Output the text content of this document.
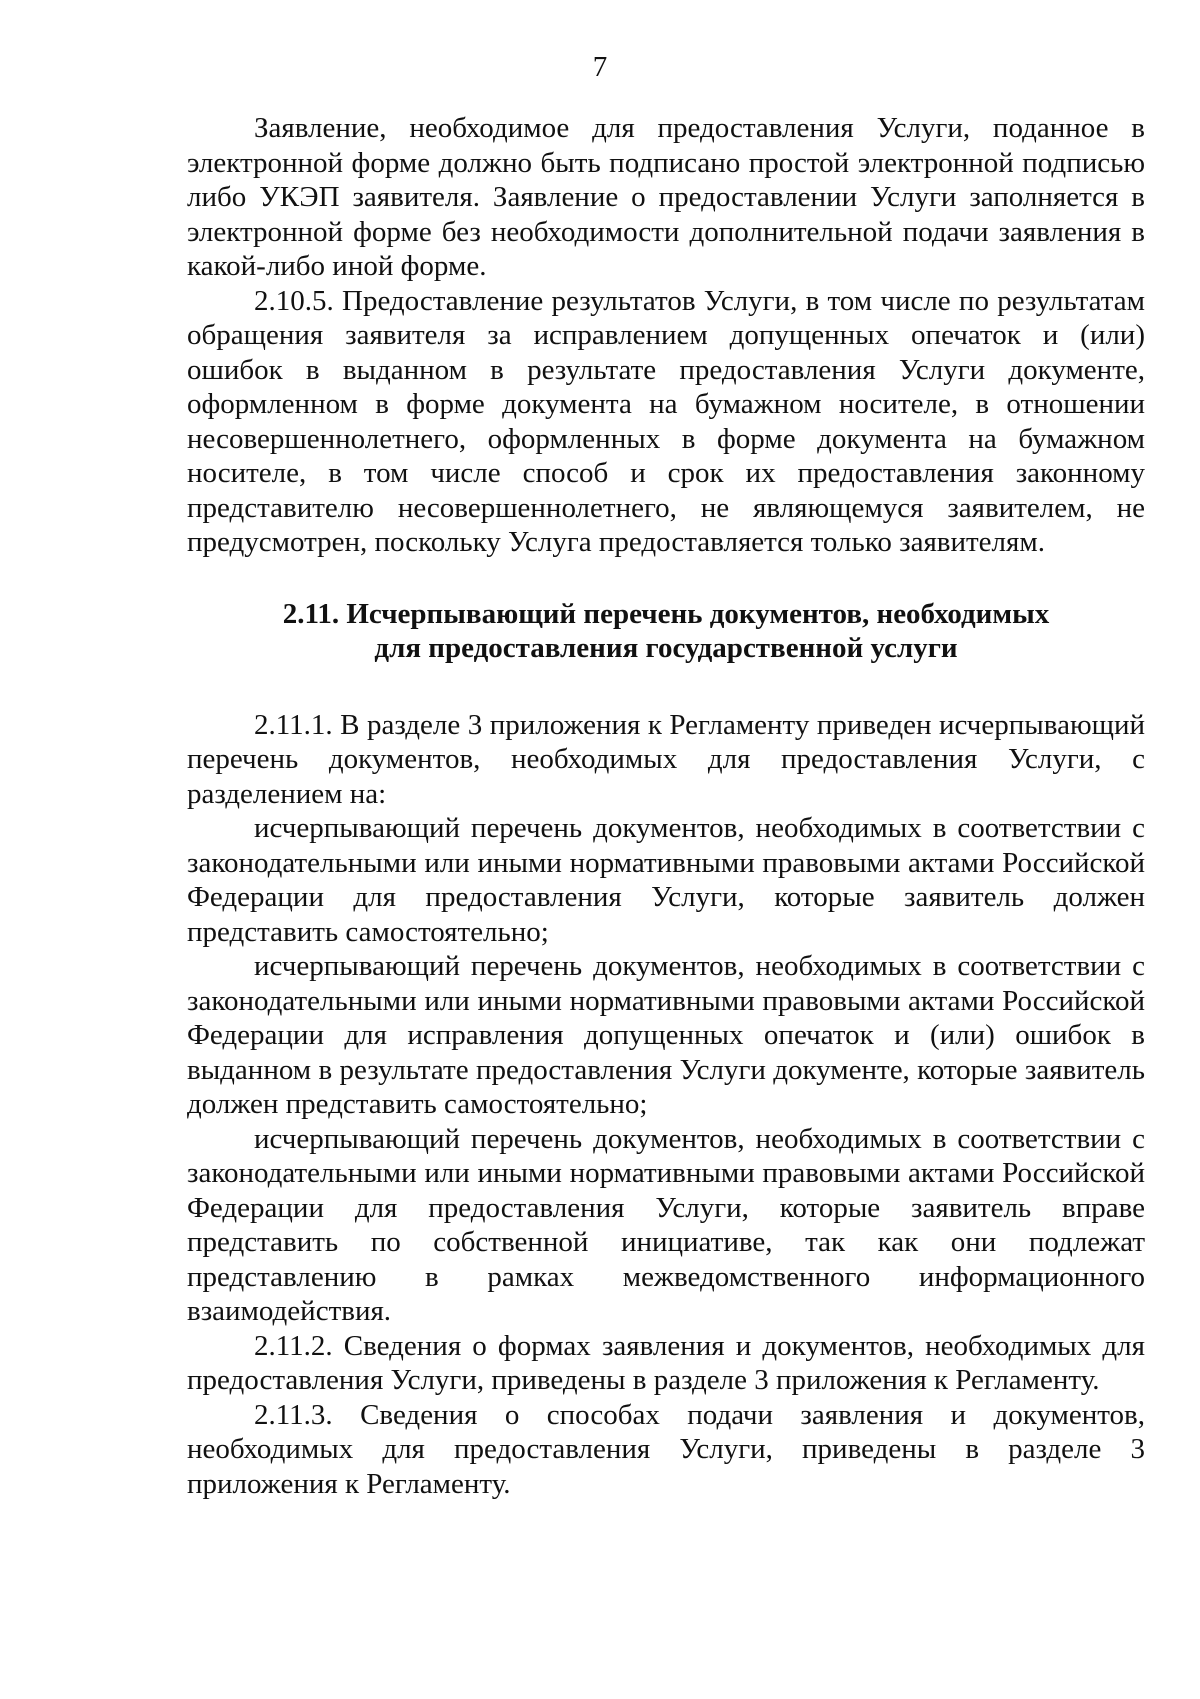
7

Заявление, необходимое для предоставления Услуги, поданное в электронной форме должно быть подписано простой электронной подписью либо УКЭП заявителя. Заявление о предоставлении Услуги заполняется в электронной форме без необходимости дополнительной подачи заявления в какой-либо иной форме.

2.10.5. Предоставление результатов Услуги, в том числе по результатам обращения заявителя за исправлением допущенных опечаток и (или) ошибок в выданном в результате предоставления Услуги документе, оформленном в форме документа на бумажном носителе, в отношении несовершеннолетнего, оформленных в форме документа на бумажном носителе, в том числе способ и срок их предоставления законному представителю несовершеннолетнего, не являющемуся заявителем, не предусмотрен, поскольку Услуга предоставляется только заявителям.

2.11. Исчерпывающий перечень документов, необходимых
для предоставления государственной услуги

2.11.1. В разделе 3 приложения к Регламенту приведен исчерпывающий перечень документов, необходимых для предоставления Услуги, с разделением на:

исчерпывающий перечень документов, необходимых в соответствии с законодательными или иными нормативными правовыми актами Российской Федерации для предоставления Услуги, которые заявитель должен представить самостоятельно;

исчерпывающий перечень документов, необходимых в соответствии с законодательными или иными нормативными правовыми актами Российской Федерации для исправления допущенных опечаток и (или) ошибок в выданном в результате предоставления Услуги документе, которые заявитель должен представить самостоятельно;

исчерпывающий перечень документов, необходимых в соответствии с законодательными или иными нормативными правовыми актами Российской Федерации для предоставления Услуги, которые заявитель вправе представить по собственной инициативе, так как они подлежат представлению в рамках межведомственного информационного взаимодействия.

2.11.2. Сведения о формах заявления и документов, необходимых для предоставления Услуги, приведены в разделе 3 приложения к Регламенту.

2.11.3. Сведения о способах подачи заявления и документов, необходимых для предоставления Услуги, приведены в разделе 3 приложения к Регламенту.
